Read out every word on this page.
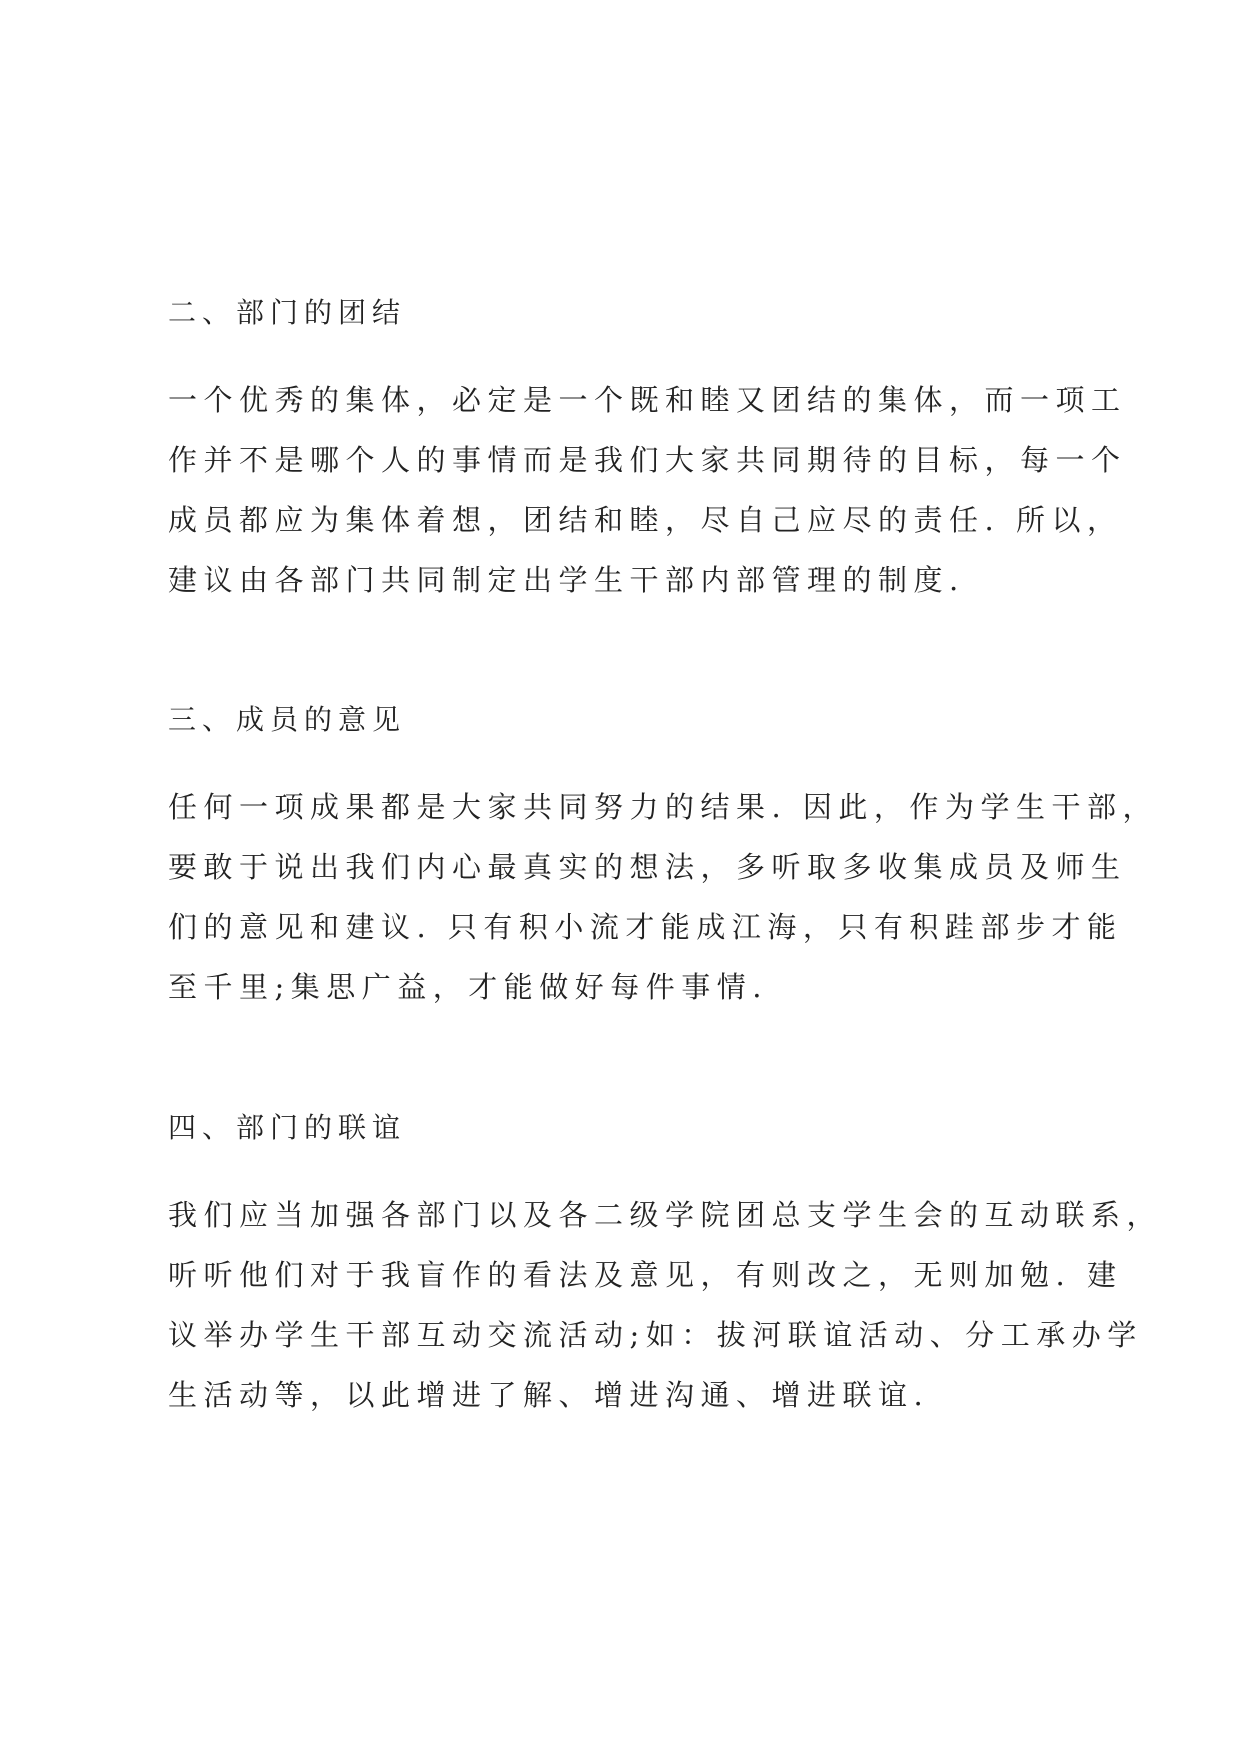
二、部门的团结
一个优秀的集体，必定是一个既和睦又团结的集体，而一项工
作并不是哪个人的事情而是我们大家共同期待的目标，每一个
成员都应为集体着想，团结和睦，尽自己应尽的责任. 所以，
建议由各部门共同制定出学生干部内部管理的制度.
三、成员的意见
任何一项成果都是大家共同努力的结果. 因此，作为学生干部，
要敢于说出我们内心最真实的想法，多听取多收集成员及师生
们的意见和建议. 只有积小流才能成江海，只有积跬部步才能
至千里;集思广益，才能做好每件事情.
四、部门的联谊
我们应当加强各部门以及各二级学院团总支学生会的互动联系，
听听他们对于我盲作的看法及意见，有则改之，无则加勉. 建
议举办学生干部互动交流活动;如：拔河联谊活动、分工承办学
生活动等，以此增进了解、增进沟通、增进联谊.
